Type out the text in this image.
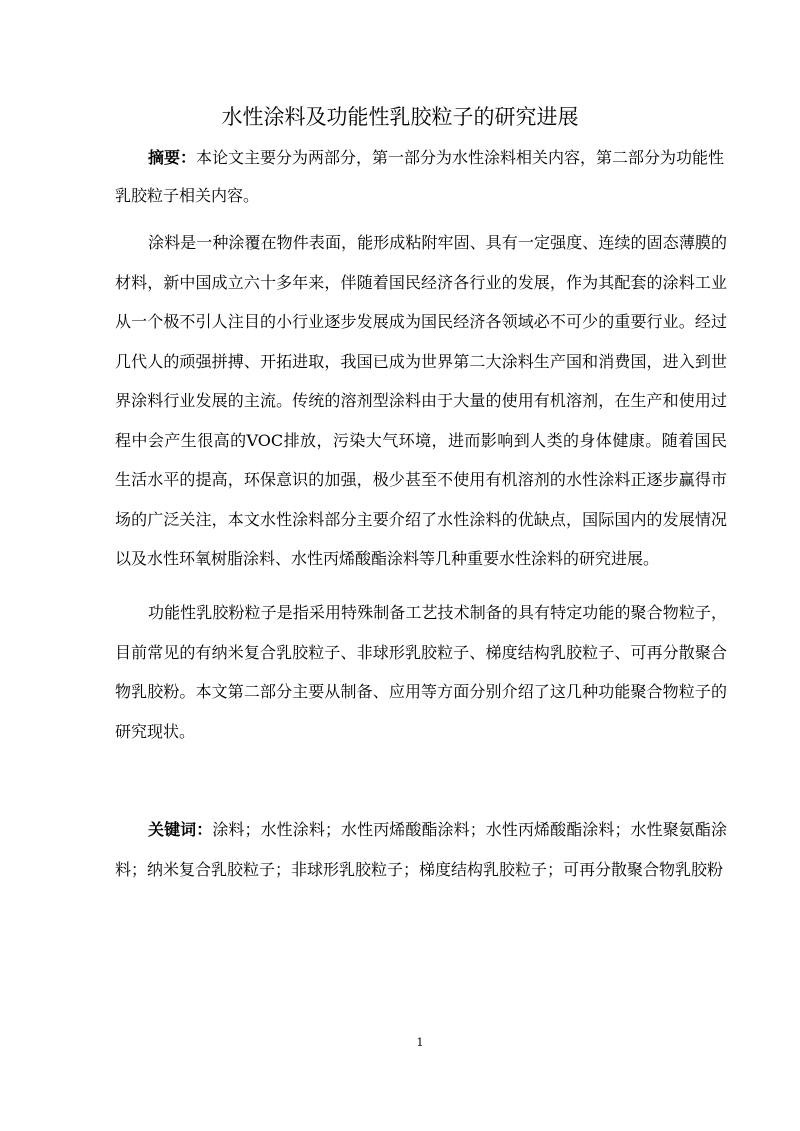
水性涂料及功能性乳胶粒子的研究进展
摘要：本论文主要分为两部分，第一部分为水性涂料相关内容，第二部分为功能性
乳胶粒子相关内容。
涂料是一种涂覆在物件表面，能形成粘附牢固、具有一定强度、连续的固态薄膜的
材料，新中国成立六十多年来，伴随着国民经济各行业的发展，作为其配套的涂料工业
从一个极不引人注目的小行业逐步发展成为国民经济各领域必不可少的重要行业。经过
几代人的顽强拼搏、开拓进取，我国已成为世界第二大涂料生产国和消费国，进入到世
界涂料行业发展的主流。传统的溶剂型涂料由于大量的使用有机溶剂，在生产和使用过
程中会产生很高的VOC排放，污染大气环境，进而影响到人类的身体健康。随着国民
生活水平的提高，环保意识的加强，极少甚至不使用有机溶剂的水性涂料正逐步赢得市
场的广泛关注，本文水性涂料部分主要介绍了水性涂料的优缺点，国际国内的发展情况
以及水性环氧树脂涂料、水性丙烯酸酯涂料等几种重要水性涂料的研究进展。
功能性乳胶粉粒子是指采用特殊制备工艺技术制备的具有特定功能的聚合物粒子，
目前常见的有纳米复合乳胶粒子、非球形乳胶粒子、梯度结构乳胶粒子、可再分散聚合
物乳胶粉。本文第二部分主要从制备、应用等方面分别介绍了这几种功能聚合物粒子的
研究现状。
关键词：涂料；水性涂料；水性丙烯酸酯涂料；水性丙烯酸酯涂料；水性聚氨酯涂
料；纳米复合乳胶粒子；非球形乳胶粒子；梯度结构乳胶粒子；可再分散聚合物乳胶粉
1
